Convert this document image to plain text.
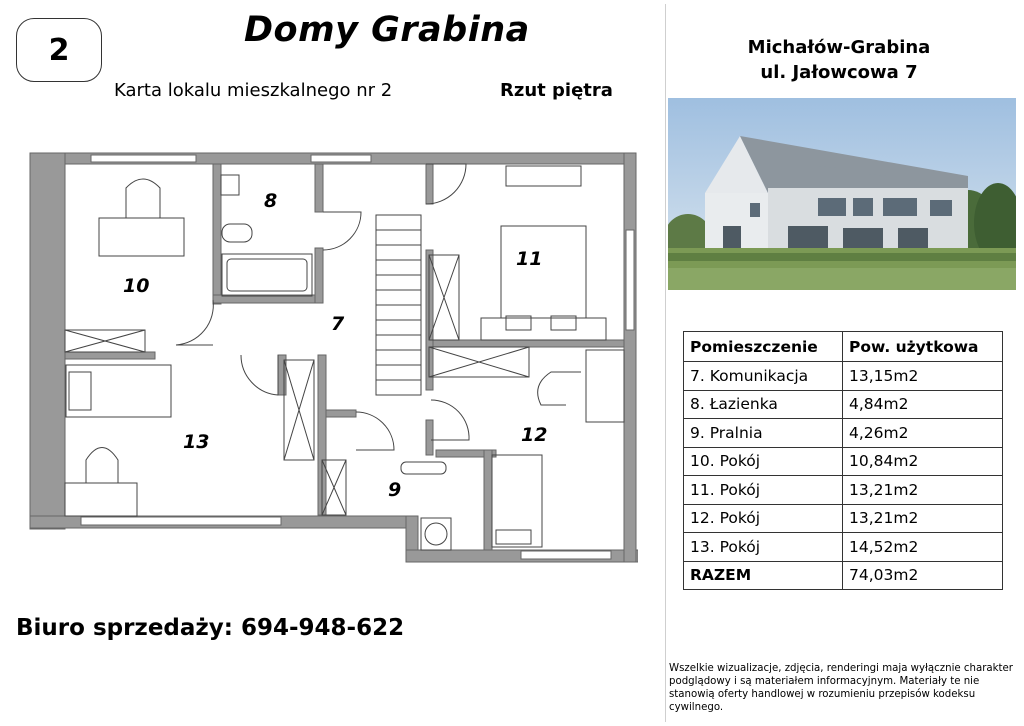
2	Domy Grabina
Karta lokalu mieszkalnego nr 2	Rzut piętra
Michałów-Grabina
ul. Jałowcowa 7
7
8
9
10
11
12
13
Pomieszczenie	Pow. użytkowa
7. Komunikacja	13,15m2
8. Łazienka	4,84m2
9. Pralnia	4,26m2
10. Pokój	10,84m2
11. Pokój	13,21m2
12. Pokój	13,21m2
13. Pokój	14,52m2
RAZEM	74,03m2
Biuro sprzedaży: 694-948-622
Wszelkie wizualizacje, zdjęcia, renderingi maja wyłącznie charakter podglądowy i są materiałem informacyjnym. Materiały te nie stanowią oferty handlowej w rozumieniu przepisów kodeksu cywilnego.
